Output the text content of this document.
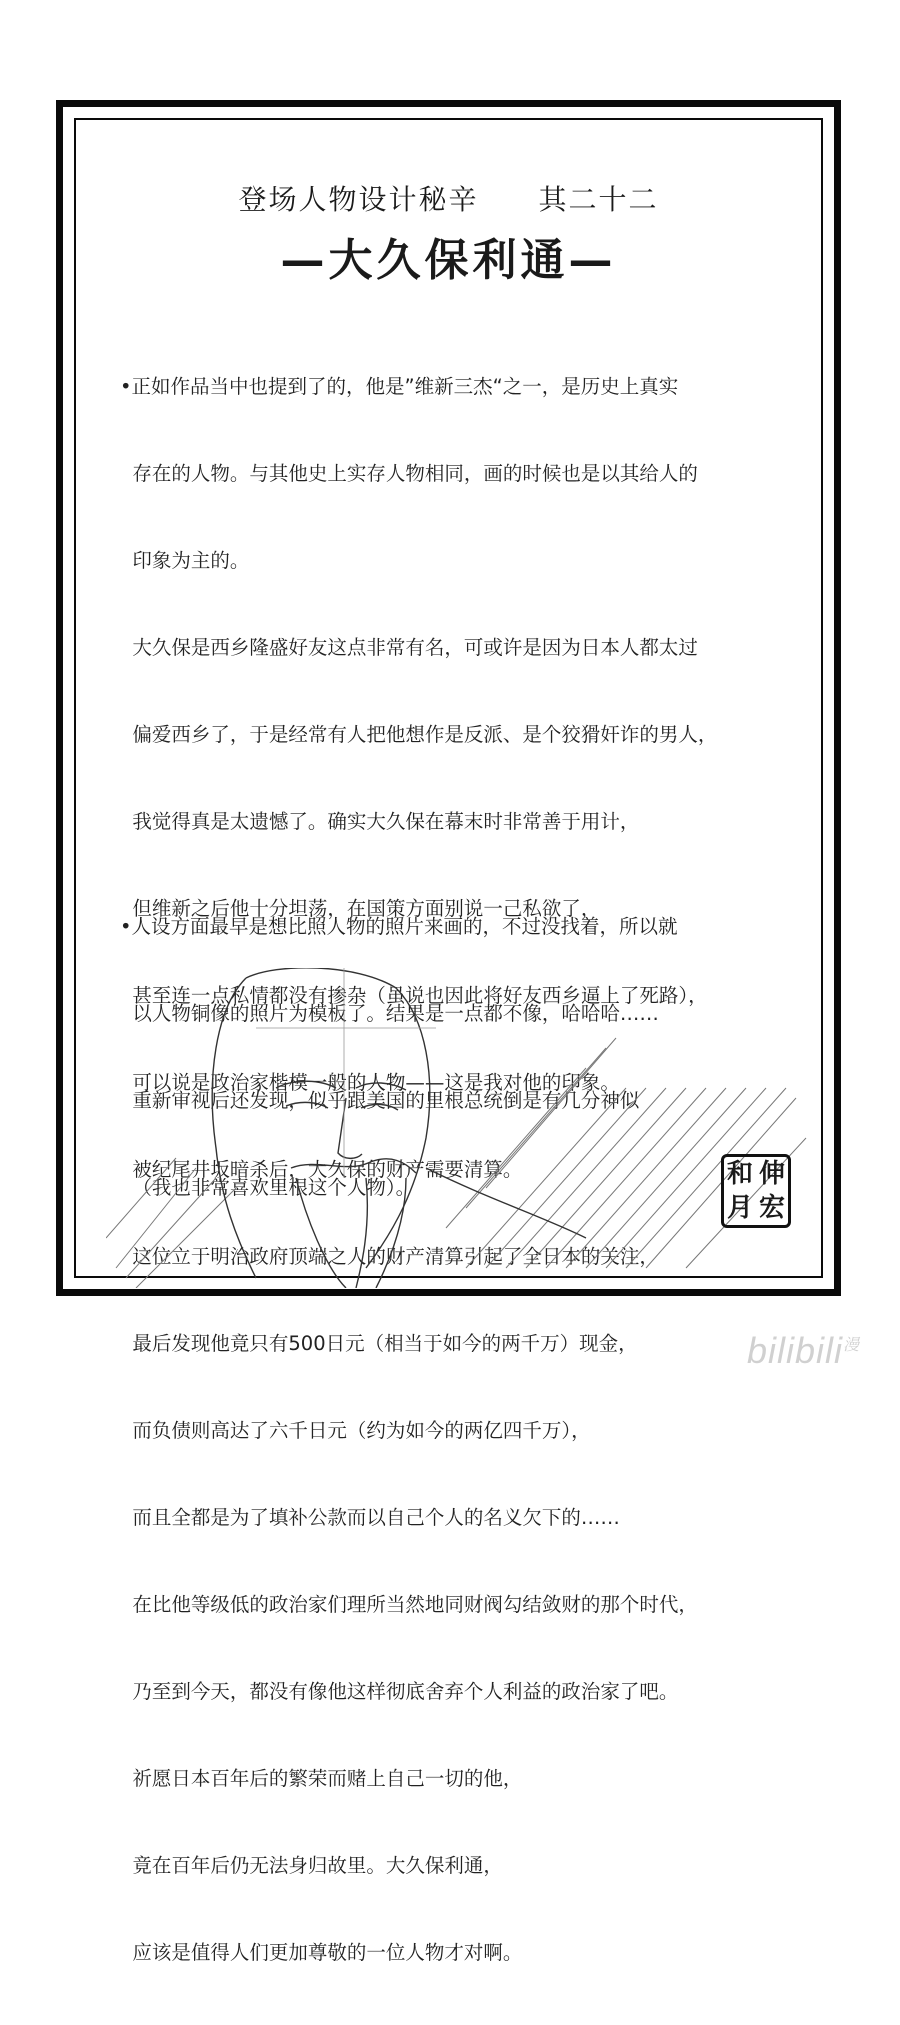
登场人物设计秘辛　　其二十二
—大久保利通—

•正如作品当中也提到了的，他是”维新三杰“之一，是历史上真实

存在的人物。与其他史上实存人物相同，画的时候也是以其给人的

印象为主的。

大久保是西乡隆盛好友这点非常有名，可或许是因为日本人都太过

偏爱西乡了，于是经常有人把他想作是反派、是个狡猾奸诈的男人，

我觉得真是太遗憾了。确实大久保在幕末时非常善于用计，

但维新之后他十分坦荡，在国策方面别说一己私欲了，

甚至连一点私情都没有掺杂（虽说也因此将好友西乡逼上了死路），

可以说是政治家楷模一般的人物——这是我对他的印象。

被纪尾井坂暗杀后，大久保的财产需要清算。

这位立于明治政府顶端之人的财产清算引起了全日本的关注，

最后发现他竟只有500日元（相当于如今的两千万）现金，

而负债则高达了六千日元（约为如今的两亿四千万），

而且全都是为了填补公款而以自己个人的名义欠下的……

在比他等级低的政治家们理所当然地同财阀勾结敛财的那个时代，

乃至到今天，都没有像他这样彻底舍弃个人利益的政治家了吧。

祈愿日本百年后的繁荣而赌上自己一切的他，

竟在百年后仍无法身归故里。大久保利通，

应该是值得人们更加尊敬的一位人物才对啊。

•人设方面最早是想比照人物的照片来画的，不过没找着，所以就

以人物铜像的照片为模板了。结果是一点都不像，哈哈哈……

重新审视后还发现，似乎跟美国的里根总统倒是有几分神似

（我也非常喜欢里根这个人物）。

	和 伸
月 宏
bilibili$^漫$
